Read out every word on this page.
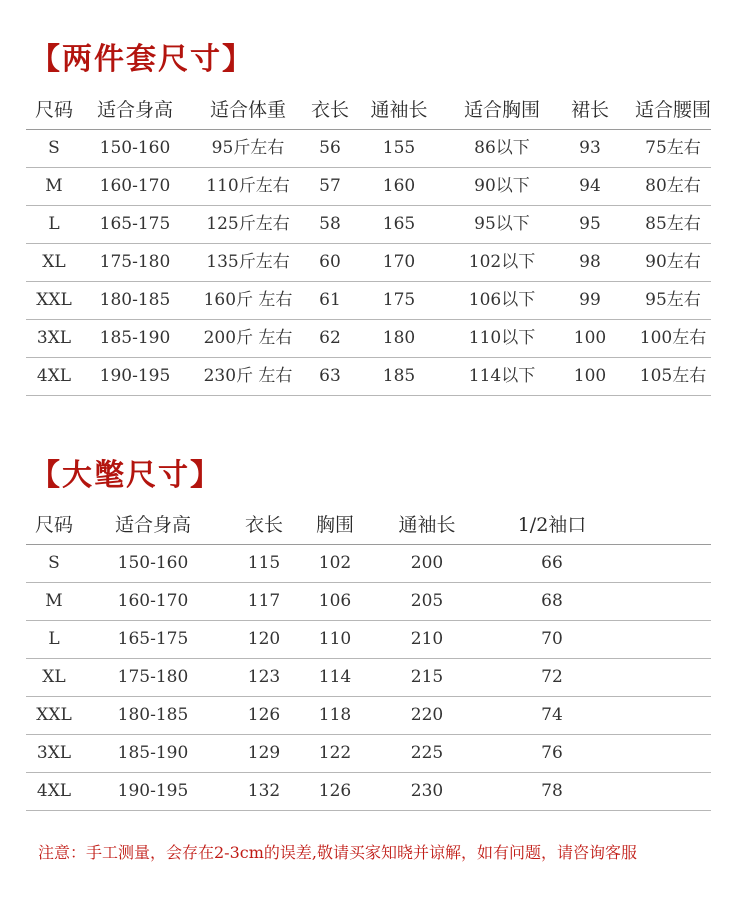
【两件套尺寸】
尺码	适合身高	适合体重	衣长	通袖长	适合胸围	裙长	适合腰围
S	150-160	95斤左右	56	155	86以下	93	75左右
M	160-170	110斤左右	57	160	90以下	94	80左右
L	165-175	125斤左右	58	165	95以下	95	85左右
XL	175-180	135斤左右	60	170	102以下	98	90左右
XXL	180-185	160斤 左右	61	175	106以下	99	95左右
3XL	185-190	200斤 左右	62	180	110以下	100	100左右
4XL	190-195	230斤 左右	63	185	114以下	100	105左右
【大氅尺寸】
尺码	适合身高	衣长	胸围	通袖长	1/2袖口
S	150-160	115	102	200	66
M	160-170	117	106	205	68
L	165-175	120	110	210	70
XL	175-180	123	114	215	72
XXL	180-185	126	118	220	74
3XL	185-190	129	122	225	76
4XL	190-195	132	126	230	78
注意：手工测量，会存在2-3cm的误差,敬请买家知晓并谅解，如有问题，请咨询客服
